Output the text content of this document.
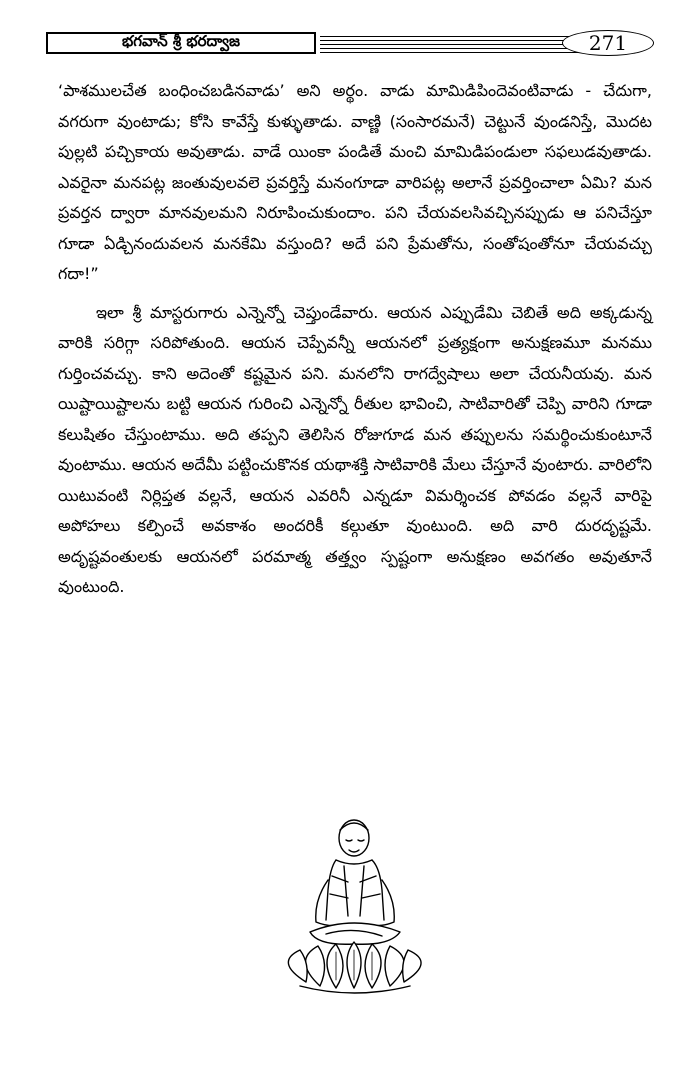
భగవాన్ శ్రీ భరద్వాజ	271

‘పాశములచేత బంధించబడినవాడు’ అని అర్థం. వాడు మామిడిపిందెవంటివాడు - చేదుగా, వగరుగా వుంటాడు; కోసి కావేస్తే కుళ్ళుతాడు. వాణ్ణి (సంసారమనే) చెట్టునే వుండనిస్తే, మొదట పుల్లటి పచ్చికాయ అవుతాడు. వాడే యింకా పండితే మంచి మామిడిపండులా సఫలుడవుతాడు. ఎవరైనా మనపట్ల జంతువులవలె ప్రవర్తిస్తే మనంగూడా వారిపట్ల అలానే ప్రవర్తించాలా ఏమి? మన ప్రవర్తన ద్వారా మానవులమని నిరూపించుకుందాం. పని చేయవలసివచ్చినప్పుడు ఆ పనిచేస్తూ గూడా ఏడ్చినందువలన మనకేమి వస్తుంది? అదే పని ప్రేమతోను, సంతోషంతోనూ చేయవచ్చు గదా!”

ఇలా శ్రీ మాస్టరుగారు ఎన్నెన్నో చెప్తుండేవారు. ఆయన ఎప్పుడేమి చెబితే అది అక్కడున్న వారికి సరిగ్గా సరిపోతుంది. ఆయన చెప్పేవన్నీ ఆయనలో ప్రత్యక్షంగా అనుక్షణమూ మనము గుర్తించవచ్చు. కాని అదెంతో కష్టమైన పని. మనలోని రాగద్వేషాలు అలా చేయనీయవు. మన యిష్టాయిష్టాలను బట్టి ఆయన గురించి ఎన్నెన్నో రీతుల భావించి, సాటివారితో చెప్పి వారిని గూడా కలుషితం చేస్తుంటాము. అది తప్పని తెలిసిన రోజుగూడ మన తప్పులను సమర్థించుకుంటూనే వుంటాము. ఆయన అదేమీ పట్టించుకొనక యథాశక్తి సాటివారికి మేలు చేస్తూనే వుంటారు. వారిలోని యిటువంటి నిర్లిప్తత వల్లనే, ఆయన ఎవరినీ ఎన్నడూ విమర్శించక పోవడం వల్లనే వారిపై అపోహలు కల్పించే అవకాశం అందరికీ కల్గుతూ వుంటుంది. అది వారి దురదృష్టమే. అదృష్టవంతులకు ఆయనలో పరమాత్మ తత్త్వం స్పష్టంగా అనుక్షణం అవగతం అవుతూనే వుంటుంది.
